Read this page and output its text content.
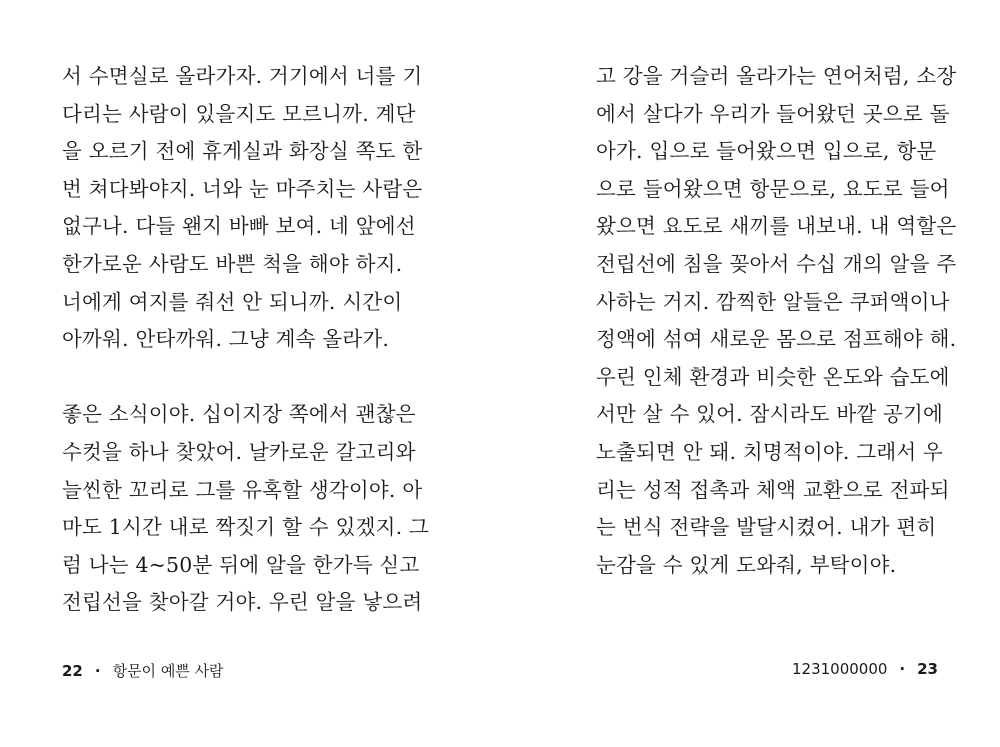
서 수면실로 올라가자. 거기에서 너를 기
다리는 사람이 있을지도 모르니까. 계단
을 오르기 전에 휴게실과 화장실 쪽도 한
번 쳐다봐야지. 너와 눈 마주치는 사람은
없구나. 다들 왠지 바빠 보여. 네 앞에선
한가로운 사람도 바쁜 척을 해야 하지.
너에게 여지를 줘선 안 되니까. 시간이
아까워. 안타까워. 그냥 계속 올라가.
좋은 소식이야. 십이지장 쪽에서 괜찮은
수컷을 하나 찾았어. 날카로운 갈고리와
늘씬한 꼬리로 그를 유혹할 생각이야. 아
마도 1시간 내로 짝짓기 할 수 있겠지. 그
럼 나는 4~50분 뒤에 알을 한가득 싣고
전립선을 찾아갈 거야. 우린 알을 낳으려
22 · 항문이 예쁜 사람
고 강을 거슬러 올라가는 연어처럼, 소장
에서 살다가 우리가 들어왔던 곳으로 돌
아가. 입으로 들어왔으면 입으로, 항문
으로 들어왔으면 항문으로, 요도로 들어
왔으면 요도로 새끼를 내보내. 내 역할은
전립선에 침을 꽂아서 수십 개의 알을 주
사하는 거지. 깜찍한 알들은 쿠퍼액이나
정액에 섞여 새로운 몸으로 점프해야 해.
우린 인체 환경과 비슷한 온도와 습도에
서만 살 수 있어. 잠시라도 바깥 공기에
노출되면 안 돼. 치명적이야. 그래서 우
리는 성적 접촉과 체액 교환으로 전파되
는 번식 전략을 발달시켰어. 내가 편히
눈감을 수 있게 도와줘, 부탁이야.
1231000000 · 23
